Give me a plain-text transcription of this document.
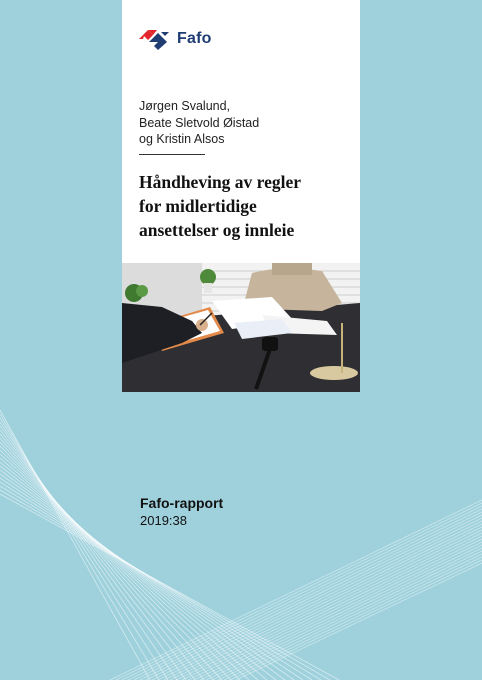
Fafo
Jørgen Svalund,
Beate Sletvold Øistad
og Kristin Alsos
Håndheving av regler
for midlertidige
ansettelser og innleie
Fafo-rapport
2019:38
